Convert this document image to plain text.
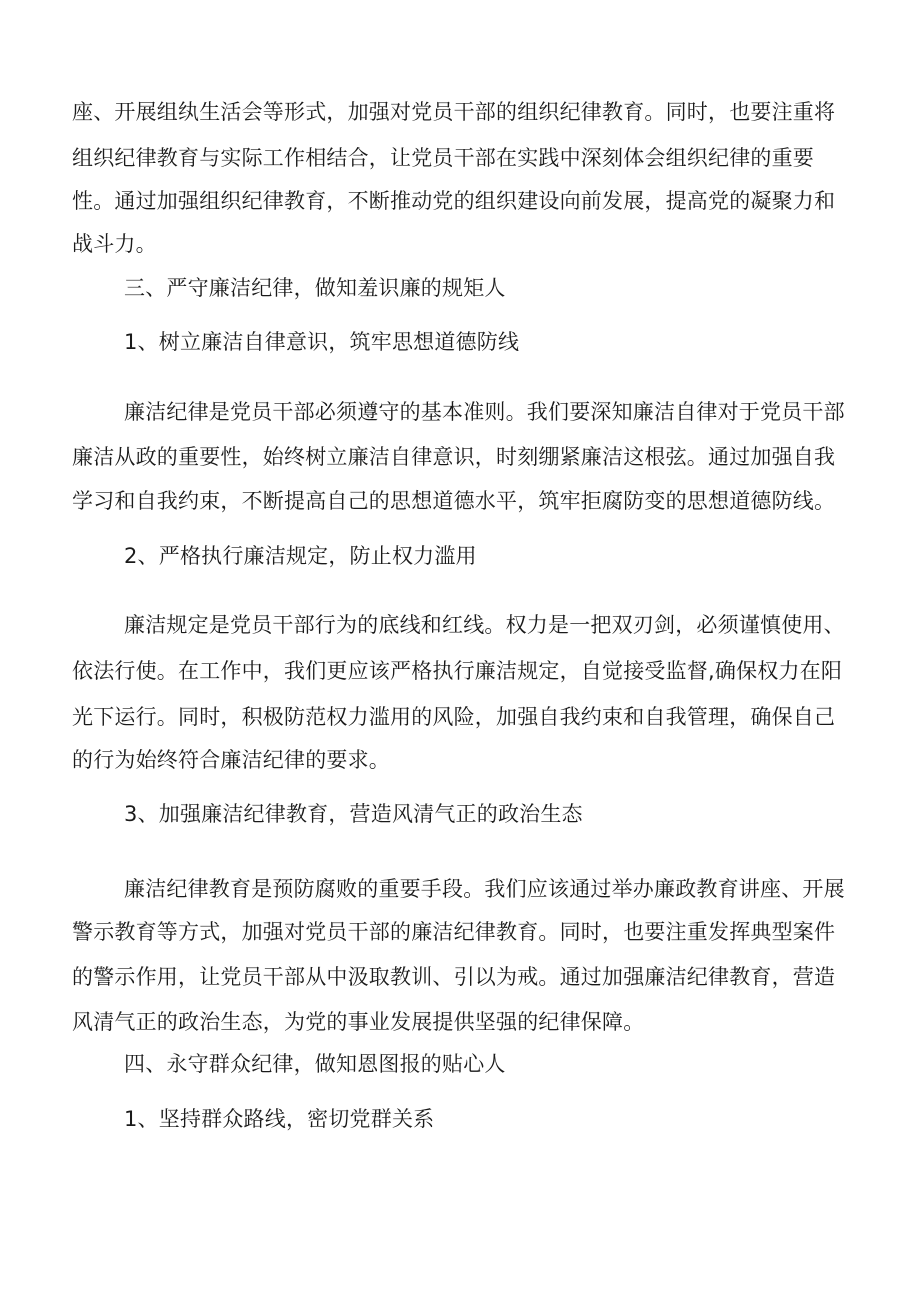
座、开展组纨生活会等形式，加强对党员干部的组织纪律教育。同时，也要注重将
组织纪律教育与实际工作相结合，让党员干部在实践中深刻体会组织纪律的重要
性。通过加强组织纪律教育，不断推动党的组织建设向前发展，提高党的凝聚力和
战斗力。
三、严守廉洁纪律，做知羞识廉的规矩人
1、树立廉洁自律意识，筑牢思想道德防线
廉洁纪律是党员干部必须遵守的基本准则。我们要深知廉洁自律对于党员干部
廉洁从政的重要性，始终树立廉洁自律意识，时刻绷紧廉洁这根弦。通过加强自我
学习和自我约束，不断提高自己的思想道德水平，筑牢拒腐防变的思想道德防线。
2、严格执行廉洁规定，防止权力滥用
廉洁规定是党员干部行为的底线和红线。权力是一把双刃剑，必须谨慎使用、
依法行使。在工作中，我们更应该严格执行廉洁规定，自觉接受监督,确保权力在阳
光下运行。同时，积极防范权力滥用的风险，加强自我约束和自我管理，确保自己
的行为始终符合廉洁纪律的要求。
3、加强廉洁纪律教育，营造风清气正的政治生态
廉洁纪律教育是预防腐败的重要手段。我们应该通过举办廉政教育讲座、开展
警示教育等方式，加强对党员干部的廉洁纪律教育。同时，也要注重发挥典型案件
的警示作用，让党员干部从中汲取教训、引以为戒。通过加强廉洁纪律教育，营造
风清气正的政治生态，为党的事业发展提供坚强的纪律保障。
四、永守群众纪律，做知恩图报的贴心人
1、坚持群众路线，密切党群关系
